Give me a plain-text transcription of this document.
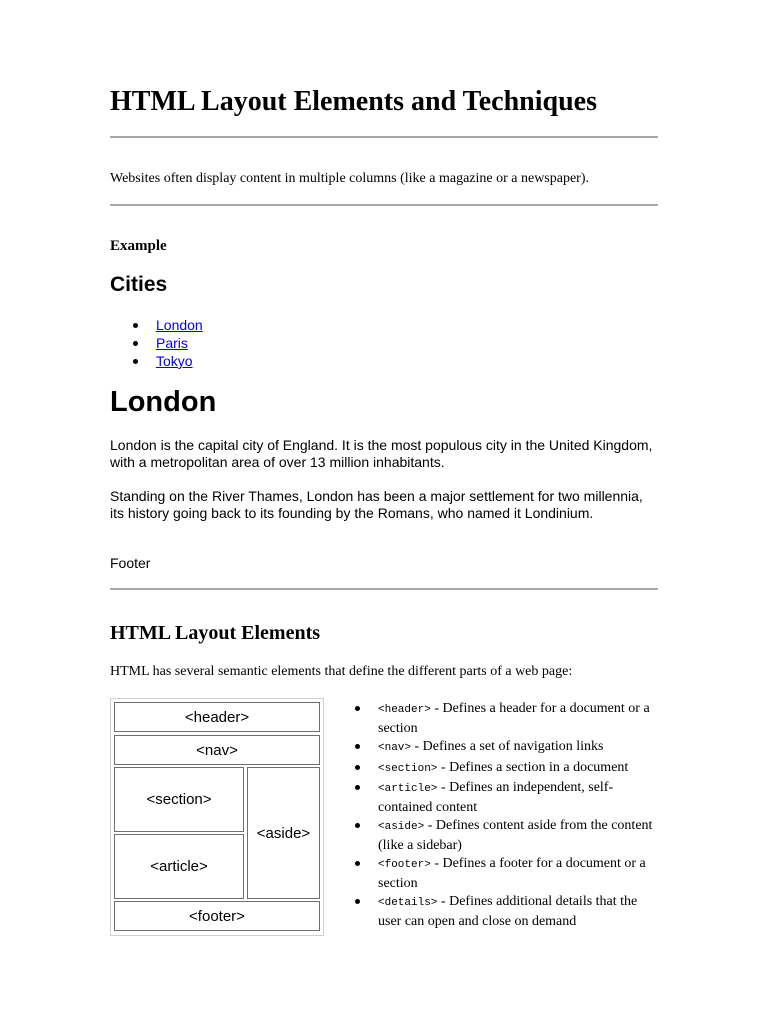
HTML Layout Elements and Techniques
Websites often display content in multiple columns (like a magazine or a newspaper).
Example
Cities
London
Paris
Tokyo
London

London is the capital city of England. It is the most populous city in the United Kingdom, with a metropolitan area of over 13 million inhabitants.

Standing on the River Thames, London has been a major settlement for two millennia, its history going back to its founding by the Romans, who named it Londinium.

Footer
HTML Layout Elements
HTML has several semantic elements that define the different parts of a web page:
<header>
<nav>
<section>
<aside>
<article>
<footer>
<header> - Defines a header for a document or a section
<nav> - Defines a set of navigation links
<section> - Defines a section in a document
<article> - Defines an independent, self-contained content
<aside> - Defines content aside from the content (like a sidebar)
<footer> - Defines a footer for a document or a section
<details> - Defines additional details that the user can open and close on demand
